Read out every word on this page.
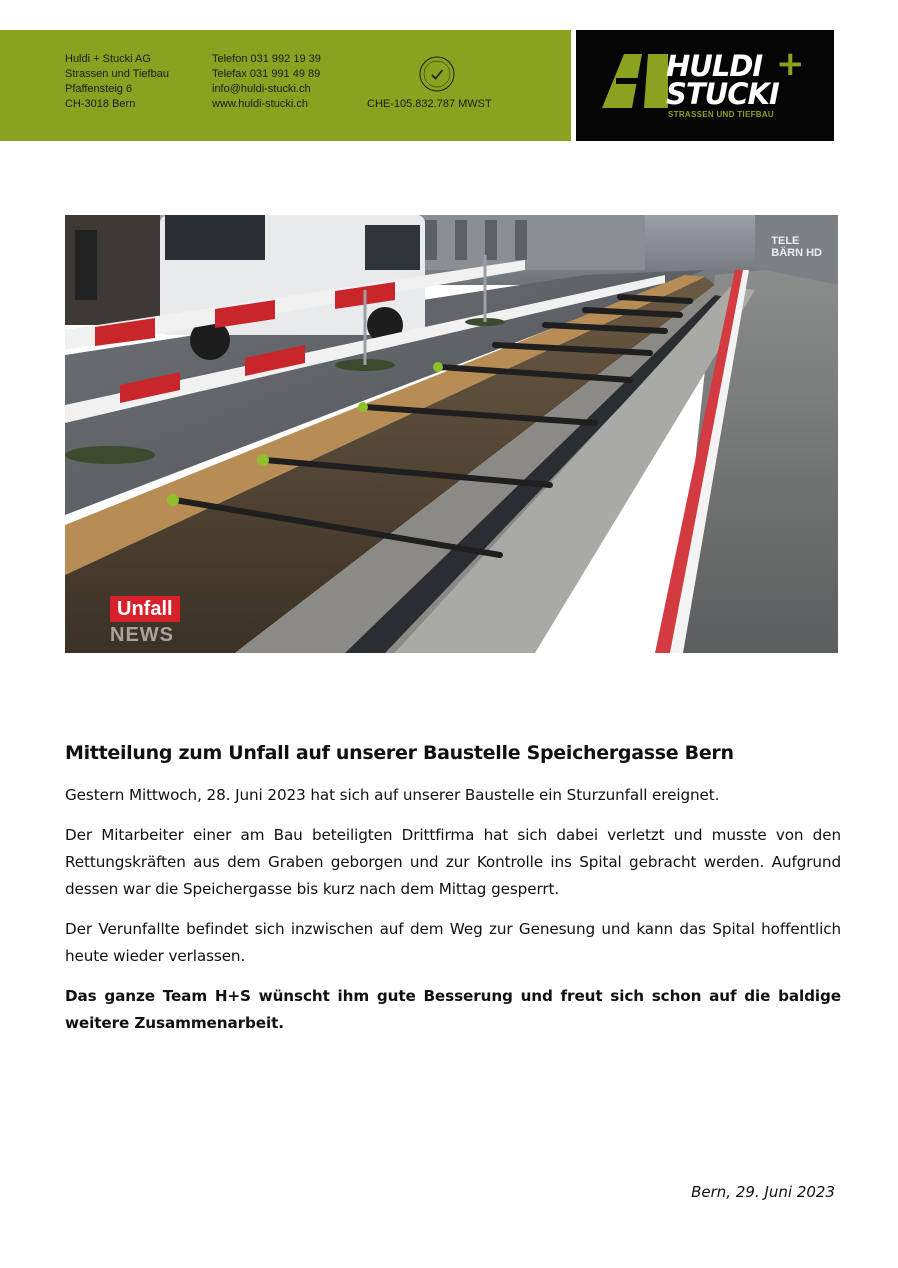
Huldi + Stucki AG
Strassen und Tiefbau
Pfaffensteig 6
CH-3018 Bern
Telefon 031 992 19 39
Telefax 031 991 49 89
info@huldi-stucki.ch
www.huldi-stucki.ch	CHE-105.832.787 MWST
HULDI +
STUCKI
STRASSEN UND TIEFBAU
Unfall
NEWS
TELE
BÄRN HD
Mitteilung zum Unfall auf unserer Baustelle Speichergasse Bern

Gestern Mittwoch, 28. Juni 2023 hat sich auf unserer Baustelle ein Sturzunfall ereignet.

Der Mitarbeiter einer am Bau beteiligten Drittfirma hat sich dabei verletzt und musste von den Rettungskräften aus dem Graben geborgen und zur Kontrolle ins Spital gebracht werden. Aufgrund dessen war die Speichergasse bis kurz nach dem Mittag gesperrt.

Der Verunfallte befindet sich inzwischen auf dem Weg zur Genesung und kann das Spital hoffentlich heute wieder verlassen.

Das ganze Team H+S wünscht ihm gute Besserung und freut sich schon auf die baldige weitere Zusammenarbeit.

Bern, 29. Juni 2023
